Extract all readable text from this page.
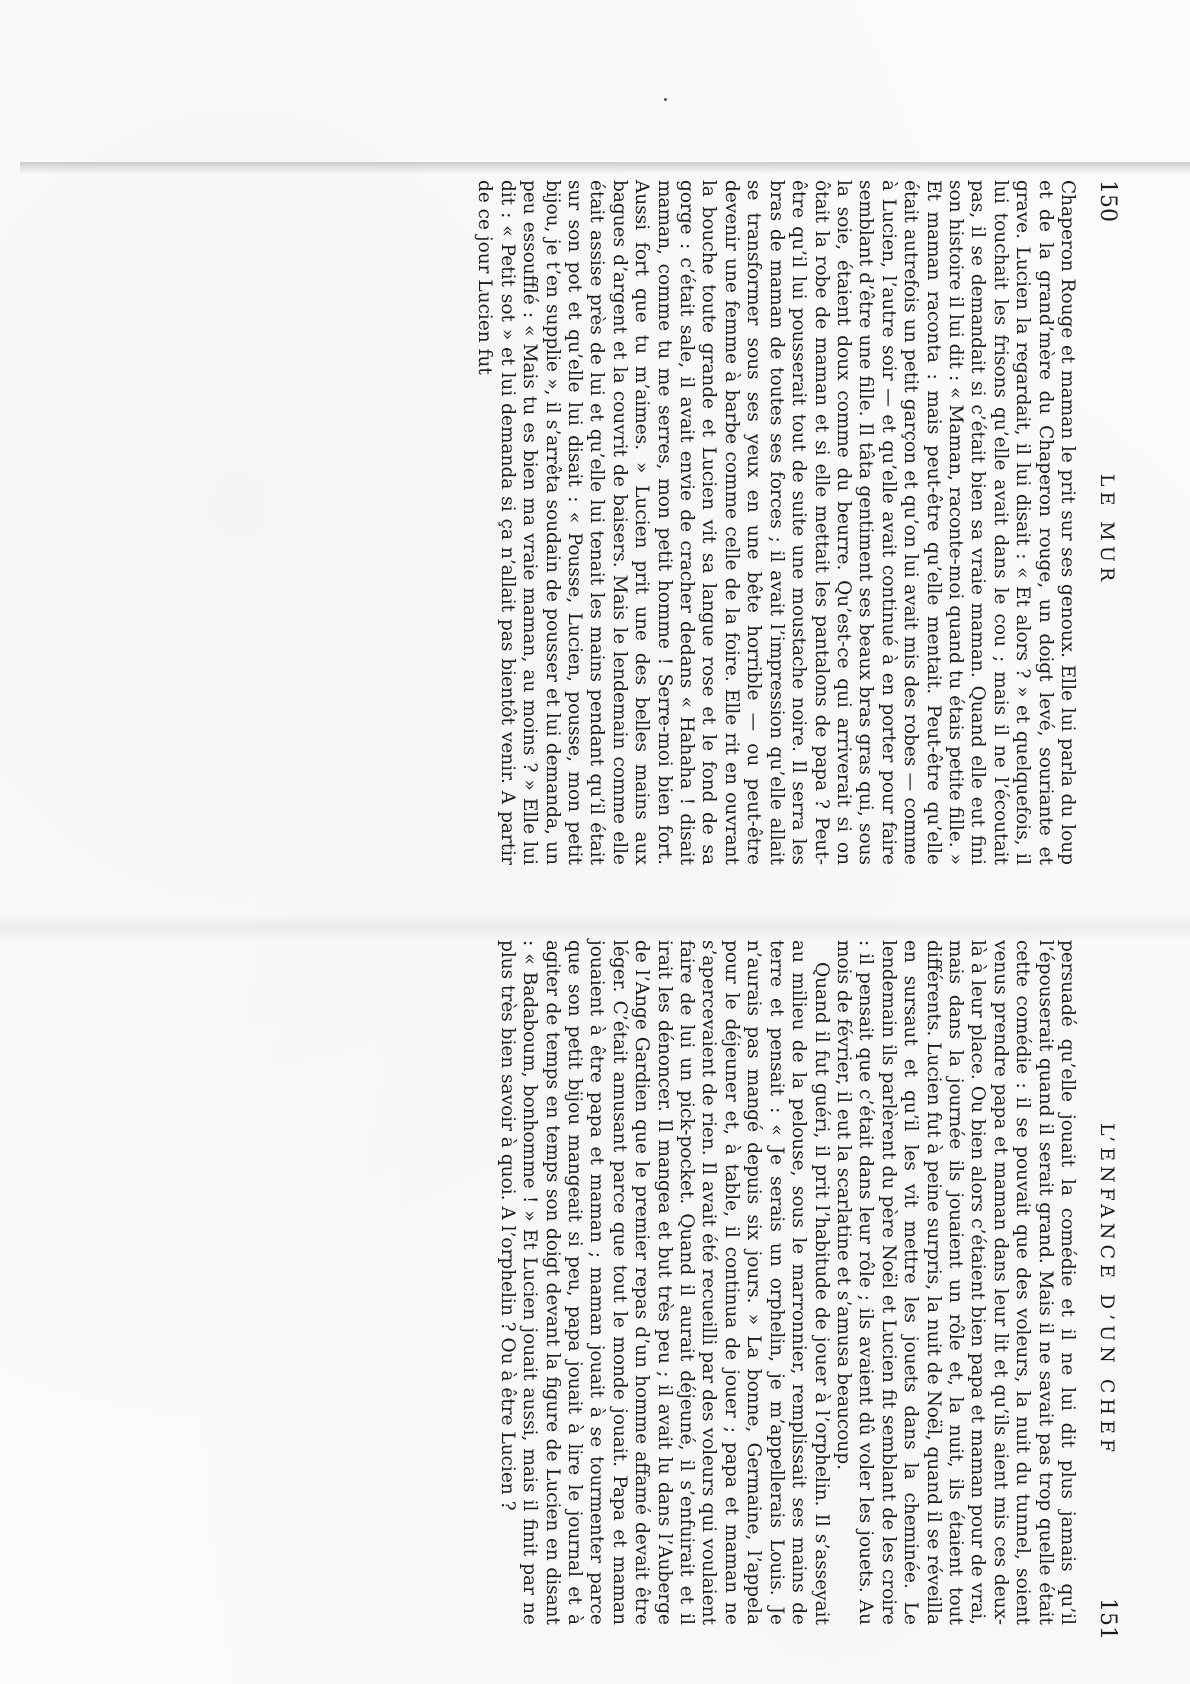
150
LE MUR

Chaperon Rouge et maman le prit sur ses genoux. Elle lui parla du loup et de la grand’mère du Chaperon rouge, un doigt levé, souriante et grave. Lucien la regardait, il lui disait : « Et alors ? » et quelquefois, il lui touchait les frisons qu’elle avait dans le cou ; mais il ne l’écoutait pas, il se demandait si c’était bien sa vraie maman. Quand elle eut fini son histoire il lui dit : « Maman, raconte-moi quand tu étais petite fille. » Et maman raconta : mais peut-être qu’elle mentait. Peut-être qu’elle était autrefois un petit garçon et qu’on lui avait mis des robes — comme à Lucien, l’autre soir — et qu’elle avait continué à en porter pour faire semblant d’être une fille. Il tâta gentiment ses beaux bras gras qui, sous la soie, étaient doux comme du beurre. Qu’est-ce qui arriverait si on ôtait la robe de maman et si elle mettait les pantalons de papa ? Peut-être qu’il lui pousserait tout de suite une moustache noire. Il serra les bras de maman de toutes ses forces ; il avait l’impression qu’elle allait se transformer sous ses yeux en une bête horrible — ou peut-être devenir une femme à barbe comme celle de la foire. Elle rit en ouvrant la bouche toute grande et Lucien vit sa langue rose et le fond de sa gorge : c’était sale, il avait envie de cracher dedans « Hahaha ! disait maman, comme tu me serres, mon petit homme ! Serre-moi bien fort. Aussi fort que tu m’aimes. » Lucien prit une des belles mains aux bagues d’argent et la couvrit de baisers. Mais le lendemain comme elle était assise près de lui et qu’elle lui tenait les mains pendant qu’il était sur son pot et qu’elle lui disait : « Pousse, Lucien, pousse, mon petit bijou, je t’en supplie », il s’arrêta soudain de pousser et lui demanda, un peu essoufflé : « Mais tu es bien ma vraie maman, au moins ? » Elle lui dit : « Petit sot » et lui demanda si ça n’allait pas bientôt venir. A partir de ce jour Lucien fut

L’ENFANCE D’UN CHEF
151

persuadé qu’elle jouait la comédie et il ne lui dit plus jamais qu’il l’épouserait quand il serait grand. Mais il ne savait pas trop quelle était cette comédie : il se pouvait que des voleurs, la nuit du tunnel, soient venus prendre papa et maman dans leur lit et qu’ils aient mis ces deux-là à leur place. Ou bien alors c’étaient bien papa et maman pour de vrai, mais dans la journée ils jouaient un rôle et, la nuit, ils étaient tout différents. Lucien fut à peine surpris, la nuit de Noël, quand il se réveilla en sursaut et qu’il les vit mettre les jouets dans la cheminée. Le lendemain ils parlèrent du père Noël et Lucien fit semblant de les croire : il pensait que c’était dans leur rôle ; ils avaient dû voler les jouets. Au mois de février, il eut la scarlatine et s’amusa beaucoup.

Quand il fut guéri, il prit l’habitude de jouer à l’orphelin. Il s’asseyait au milieu de la pelouse, sous le marronnier, remplissait ses mains de terre et pensait : « Je serais un orphelin, je m’appellerais Louis. Je n’aurais pas mangé depuis six jours. » La bonne, Germaine, l’appela pour le déjeuner et, à table, il continua de jouer ; papa et maman ne s’apercevaient de rien. Il avait été recueilli par des voleurs qui voulaient faire de lui un pick-pocket. Quand il aurait déjeuné, il s’enfuirait et il irait les dénoncer. Il mangea et but très peu ; il avait lu dans l’Auberge de l’Ange Gardien que le premier repas d’un homme affamé devait être léger. C’était amusant parce que tout le monde jouait. Papa et maman jouaient à être papa et maman ; maman jouait à se tourmenter parce que son petit bijou mangeait si peu, papa jouait à lire le journal et à agiter de temps en temps son doigt devant la figure de Lucien en disant : « Badaboum, bonhomme ! » Et Lucien jouait aussi, mais il finit par ne plus très bien savoir à quoi. A l’orphelin ? Ou à être Lucien ?
